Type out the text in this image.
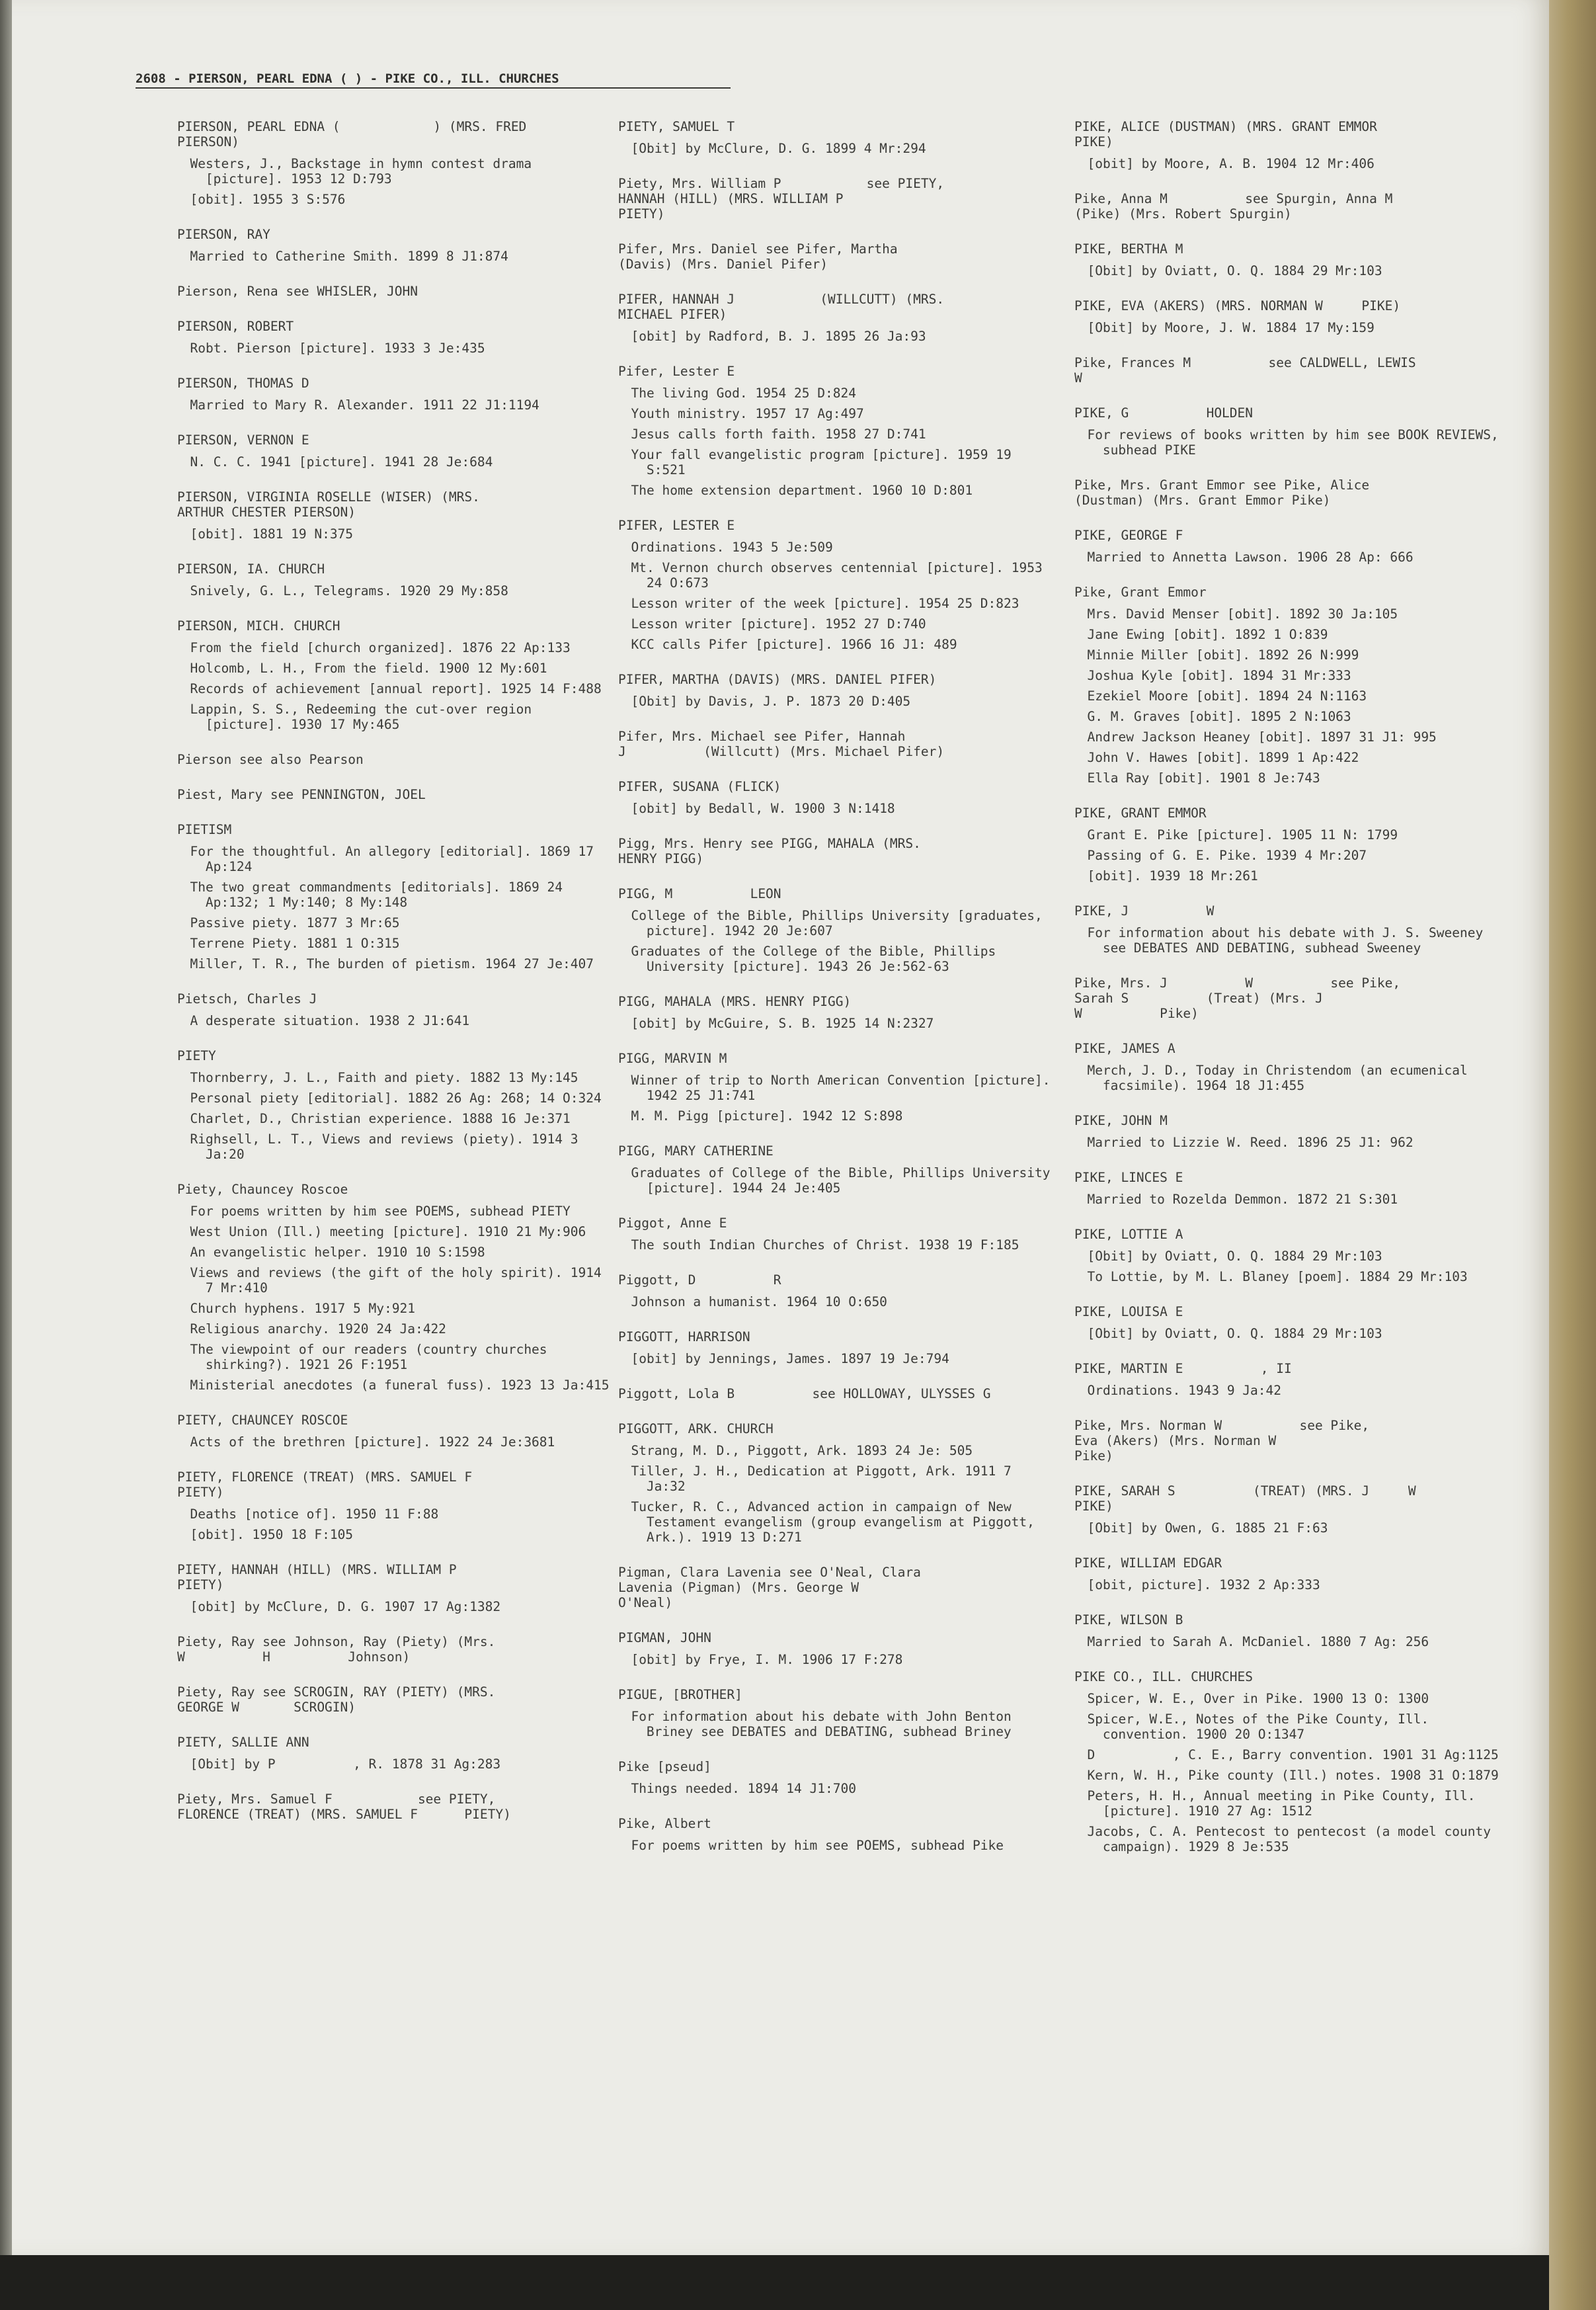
2608 - PIERSON, PEARL EDNA ( ) - PIKE CO., ILL. CHURCHES
PIERSON, PEARL EDNA (            ) (MRS. FRED
PIERSON)
Westers, J., Backstage in hymn contest drama [picture]. 1953 12 D:793
[obit]. 1955 3 S:576
PIERSON, RAY
Married to Catherine Smith. 1899 8 J1:874
Pierson, Rena see WHISLER, JOHN
PIERSON, ROBERT
Robt. Pierson [picture]. 1933 3 Je:435
PIERSON, THOMAS D
Married to Mary R. Alexander. 1911 22 J1:1194
PIERSON, VERNON E
N. C. C. 1941 [picture]. 1941 28 Je:684
PIERSON, VIRGINIA ROSELLE (WISER) (MRS.
ARTHUR CHESTER PIERSON)
[obit]. 1881 19 N:375
PIERSON, IA. CHURCH
Snively, G. L., Telegrams. 1920 29 My:858
PIERSON, MICH. CHURCH
From the field [church organized]. 1876 22 Ap:133
Holcomb, L. H., From the field. 1900 12 My:601
Records of achievement [annual report]. 1925 14 F:488
Lappin, S. S., Redeeming the cut-over region [picture]. 1930 17 My:465
Pierson see also Pearson
Piest, Mary see PENNINGTON, JOEL
PIETISM
For the thoughtful. An allegory [editorial]. 1869 17 Ap:124
The two great commandments [editorials]. 1869 24 Ap:132; 1 My:140; 8 My:148
Passive piety. 1877 3 Mr:65
Terrene Piety. 1881 1 O:315
Miller, T. R., The burden of pietism. 1964 27 Je:407
Pietsch, Charles J
A desperate situation. 1938 2 J1:641
PIETY
Thornberry, J. L., Faith and piety. 1882 13 My:145
Personal piety [editorial]. 1882 26 Ag: 268; 14 O:324
Charlet, D., Christian experience. 1888 16 Je:371
Righsell, L. T., Views and reviews (piety). 1914 3 Ja:20
Piety, Chauncey Roscoe
For poems written by him see POEMS, subhead PIETY
West Union (Ill.) meeting [picture]. 1910 21 My:906
An evangelistic helper. 1910 10 S:1598
Views and reviews (the gift of the holy spirit). 1914 7 Mr:410
Church hyphens. 1917 5 My:921
Religious anarchy. 1920 24 Ja:422
The viewpoint of our readers (country churches shirking?). 1921 26 F:1951
Ministerial anecdotes (a funeral fuss). 1923 13 Ja:415
PIETY, CHAUNCEY ROSCOE
Acts of the brethren [picture]. 1922 24 Je:3681
PIETY, FLORENCE (TREAT) (MRS. SAMUEL F
PIETY)
Deaths [notice of]. 1950 11 F:88
[obit]. 1950 18 F:105
PIETY, HANNAH (HILL) (MRS. WILLIAM P
PIETY)
[obit] by McClure, D. G. 1907 17 Ag:1382
Piety, Ray see Johnson, Ray (Piety) (Mrs.
W          H          Johnson)
Piety, Ray see SCROGIN, RAY (PIETY) (MRS.
GEORGE W       SCROGIN)
PIETY, SALLIE ANN
[Obit] by P          , R. 1878 31 Ag:283
Piety, Mrs. Samuel F           see PIETY,
FLORENCE (TREAT) (MRS. SAMUEL F      PIETY)
PIETY, SAMUEL T
[Obit] by McClure, D. G. 1899 4 Mr:294
Piety, Mrs. William P           see PIETY,
HANNAH (HILL) (MRS. WILLIAM P
PIETY)
Pifer, Mrs. Daniel see Pifer, Martha
(Davis) (Mrs. Daniel Pifer)
PIFER, HANNAH J           (WILLCUTT) (MRS.
MICHAEL PIFER)
[obit] by Radford, B. J. 1895 26 Ja:93
Pifer, Lester E
The living God. 1954 25 D:824
Youth ministry. 1957 17 Ag:497
Jesus calls forth faith. 1958 27 D:741
Your fall evangelistic program [picture]. 1959 19 S:521
The home extension department. 1960 10 D:801
PIFER, LESTER E
Ordinations. 1943 5 Je:509
Mt. Vernon church observes centennial [picture]. 1953 24 O:673
Lesson writer of the week [picture]. 1954 25 D:823
Lesson writer [picture]. 1952 27 D:740
KCC calls Pifer [picture]. 1966 16 J1: 489
PIFER, MARTHA (DAVIS) (MRS. DANIEL PIFER)
[Obit] by Davis, J. P. 1873 20 D:405
Pifer, Mrs. Michael see Pifer, Hannah
J          (Willcutt) (Mrs. Michael Pifer)
PIFER, SUSANA (FLICK)
[obit] by Bedall, W. 1900 3 N:1418
Pigg, Mrs. Henry see PIGG, MAHALA (MRS.
HENRY PIGG)
PIGG, M          LEON
College of the Bible, Phillips University [graduates, picture]. 1942 20 Je:607
Graduates of the College of the Bible, Phillips University [picture]. 1943 26 Je:562-63
PIGG, MAHALA (MRS. HENRY PIGG)
[obit] by McGuire, S. B. 1925 14 N:2327
PIGG, MARVIN M
Winner of trip to North American Convention [picture]. 1942 25 J1:741
M. M. Pigg [picture]. 1942 12 S:898
PIGG, MARY CATHERINE
Graduates of College of the Bible, Phillips University [picture]. 1944 24 Je:405
Piggot, Anne E
The south Indian Churches of Christ. 1938 19 F:185
Piggott, D          R
Johnson a humanist. 1964 10 O:650
PIGGOTT, HARRISON
[obit] by Jennings, James. 1897 19 Je:794
Piggott, Lola B          see HOLLOWAY, ULYSSES G
PIGGOTT, ARK. CHURCH
Strang, M. D., Piggott, Ark. 1893 24 Je: 505
Tiller, J. H., Dedication at Piggott, Ark. 1911 7 Ja:32
Tucker, R. C., Advanced action in campaign of New Testament evangelism (group evangelism at Piggott, Ark.). 1919 13 D:271
Pigman, Clara Lavenia see O'Neal, Clara
Lavenia (Pigman) (Mrs. George W
O'Neal)
PIGMAN, JOHN
[obit] by Frye, I. M. 1906 17 F:278
PIGUE, [BROTHER]
For information about his debate with John Benton Briney see DEBATES and DEBATING, subhead Briney
Pike [pseud]
Things needed. 1894 14 J1:700
Pike, Albert
For poems written by him see POEMS, subhead Pike
PIKE, ALICE (DUSTMAN) (MRS. GRANT EMMOR
PIKE)
[obit] by Moore, A. B. 1904 12 Mr:406
Pike, Anna M          see Spurgin, Anna M
(Pike) (Mrs. Robert Spurgin)
PIKE, BERTHA M
[Obit] by Oviatt, O. Q. 1884 29 Mr:103
PIKE, EVA (AKERS) (MRS. NORMAN W     PIKE)
[Obit] by Moore, J. W. 1884 17 My:159
Pike, Frances M          see CALDWELL, LEWIS
W
PIKE, G          HOLDEN
For reviews of books written by him see BOOK REVIEWS, subhead PIKE
Pike, Mrs. Grant Emmor see Pike, Alice
(Dustman) (Mrs. Grant Emmor Pike)
PIKE, GEORGE F
Married to Annetta Lawson. 1906 28 Ap: 666
Pike, Grant Emmor
Mrs. David Menser [obit]. 1892 30 Ja:105
Jane Ewing [obit]. 1892 1 O:839
Minnie Miller [obit]. 1892 26 N:999
Joshua Kyle [obit]. 1894 31 Mr:333
Ezekiel Moore [obit]. 1894 24 N:1163
G. M. Graves [obit]. 1895 2 N:1063
Andrew Jackson Heaney [obit]. 1897 31 J1: 995
John V. Hawes [obit]. 1899 1 Ap:422
Ella Ray [obit]. 1901 8 Je:743
PIKE, GRANT EMMOR
Grant E. Pike [picture]. 1905 11 N: 1799
Passing of G. E. Pike. 1939 4 Mr:207
[obit]. 1939 18 Mr:261
PIKE, J          W
For information about his debate with J. S. Sweeney see DEBATES AND DEBATING, subhead Sweeney
Pike, Mrs. J          W          see Pike,
Sarah S          (Treat) (Mrs. J
W          Pike)
PIKE, JAMES A
Merch, J. D., Today in Christendom (an ecumenical facsimile). 1964 18 J1:455
PIKE, JOHN M
Married to Lizzie W. Reed. 1896 25 J1: 962
PIKE, LINCES E
Married to Rozelda Demmon. 1872 21 S:301
PIKE, LOTTIE A
[Obit] by Oviatt, O. Q. 1884 29 Mr:103
To Lottie, by M. L. Blaney [poem]. 1884 29 Mr:103
PIKE, LOUISA E
[Obit] by Oviatt, O. Q. 1884 29 Mr:103
PIKE, MARTIN E          , II
Ordinations. 1943 9 Ja:42
Pike, Mrs. Norman W          see Pike,
Eva (Akers) (Mrs. Norman W
Pike)
PIKE, SARAH S          (TREAT) (MRS. J     W
PIKE)
[Obit] by Owen, G. 1885 21 F:63
PIKE, WILLIAM EDGAR
[obit, picture]. 1932 2 Ap:333
PIKE, WILSON B
Married to Sarah A. McDaniel. 1880 7 Ag: 256
PIKE CO., ILL. CHURCHES
Spicer, W. E., Over in Pike. 1900 13 O: 1300
Spicer, W.E., Notes of the Pike County, Ill. convention. 1900 20 O:1347
D          , C. E., Barry convention. 1901 31 Ag:1125
Kern, W. H., Pike county (Ill.) notes. 1908 31 O:1879
Peters, H. H., Annual meeting in Pike County, Ill. [picture]. 1910 27 Ag: 1512
Jacobs, C. A. Pentecost to pentecost (a model county campaign). 1929 8 Je:535
